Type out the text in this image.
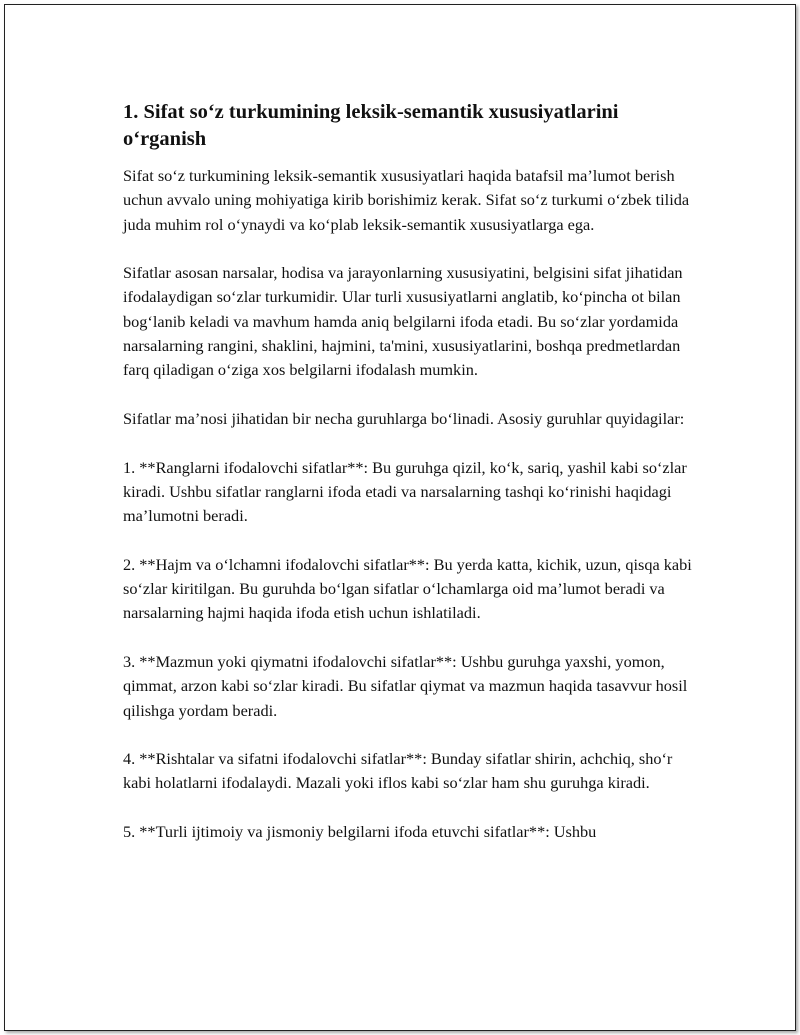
1. Sifat so‘z turkumining leksik-semantik xususiyatlarini o‘rganish

Sifat so‘z turkumining leksik-semantik xususiyatlari haqida batafsil ma’lumot berish uchun avvalo uning mohiyatiga kirib borishimiz kerak. Sifat so‘z turkumi o‘zbek tilida juda muhim rol o‘ynaydi va ko‘plab leksik-semantik xususiyatlarga ega.

Sifatlar asosan narsalar, hodisa va jarayonlarning xususiyatini, belgisini sifat jihatidan ifodalaydigan so‘zlar turkumidir. Ular turli xususiyatlarni anglatib, ko‘pincha ot bilan bog‘lanib keladi va mavhum hamda aniq belgilarni ifoda etadi. Bu so‘zlar yordamida narsalarning rangini, shaklini, hajmini, ta'mini, xususiyatlarini, boshqa predmetlardan farq qiladigan o‘ziga xos belgilarni ifodalash mumkin.

Sifatlar ma’nosi jihatidan bir necha guruhlarga bo‘linadi. Asosiy guruhlar quyidagilar:

1. **Ranglarni ifodalovchi sifatlar**: Bu guruhga qizil, ko‘k, sariq, yashil kabi so‘zlar kiradi. Ushbu sifatlar ranglarni ifoda etadi va narsalarning tashqi ko‘rinishi haqidagi ma’lumotni beradi.

2. **Hajm va o‘lchamni ifodalovchi sifatlar**: Bu yerda katta, kichik, uzun, qisqa kabi so‘zlar kiritilgan. Bu guruhda bo‘lgan sifatlar o‘lchamlarga oid ma’lumot beradi va narsalarning hajmi haqida ifoda etish uchun ishlatiladi.

3. **Mazmun yoki qiymatni ifodalovchi sifatlar**: Ushbu guruhga yaxshi, yomon, qimmat, arzon kabi so‘zlar kiradi. Bu sifatlar qiymat va mazmun haqida tasavvur hosil qilishga yordam beradi.

4. **Rishtalar va sifatni ifodalovchi sifatlar**: Bunday sifatlar shirin, achchiq, sho‘r kabi holatlarni ifodalaydi. Mazali yoki iflos kabi so‘zlar ham shu guruhga kiradi.

5. **Turli ijtimoiy va jismoniy belgilarni ifoda etuvchi sifatlar**: Ushbu
